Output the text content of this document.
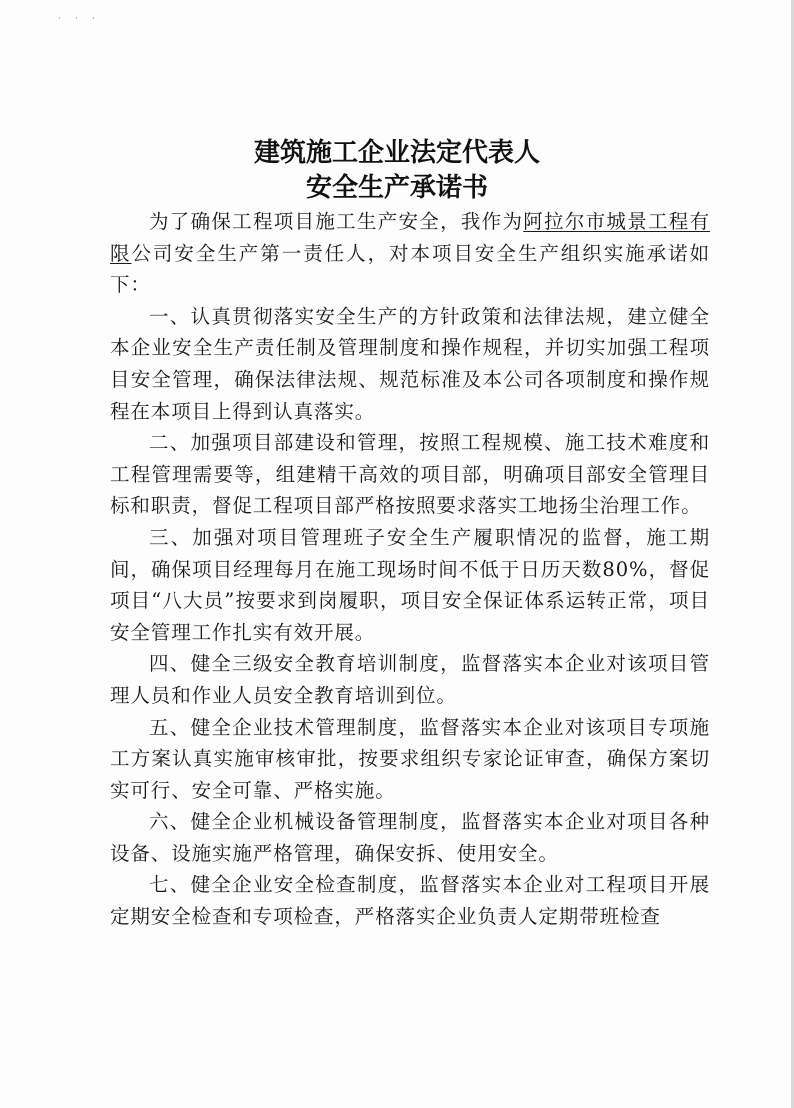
· · ·
建筑施工企业法定代表人
安全生产承诺书

为了确保工程项目施工生产安全，我作为阿拉尔市城景工程有限公司安全生产第一责任人，对本项目安全生产组织实施承诺如下：

一、认真贯彻落实安全生产的方针政策和法律法规，建立健全本企业安全生产责任制及管理制度和操作规程，并切实加强工程项目安全管理，确保法律法规、规范标准及本公司各项制度和操作规程在本项目上得到认真落实。

二、加强项目部建设和管理，按照工程规模、施工技术难度和工程管理需要等，组建精干高效的项目部，明确项目部安全管理目标和职责，督促工程项目部严格按照要求落实工地扬尘治理工作。

三、加强对项目管理班子安全生产履职情况的监督，施工期间，确保项目经理每月在施工现场时间不低于日历天数80%，督促项目“八大员”按要求到岗履职，项目安全保证体系运转正常，项目安全管理工作扎实有效开展。

四、健全三级安全教育培训制度，监督落实本企业对该项目管理人员和作业人员安全教育培训到位。

五、健全企业技术管理制度，监督落实本企业对该项目专项施工方案认真实施审核审批，按要求组织专家论证审查，确保方案切实可行、安全可靠、严格实施。

六、健全企业机械设备管理制度，监督落实本企业对项目各种设备、设施实施严格管理，确保安拆、使用安全。

七、健全企业安全检查制度，监督落实本企业对工程项目开展定期安全检查和专项检查，严格落实企业负责人定期带班检查
